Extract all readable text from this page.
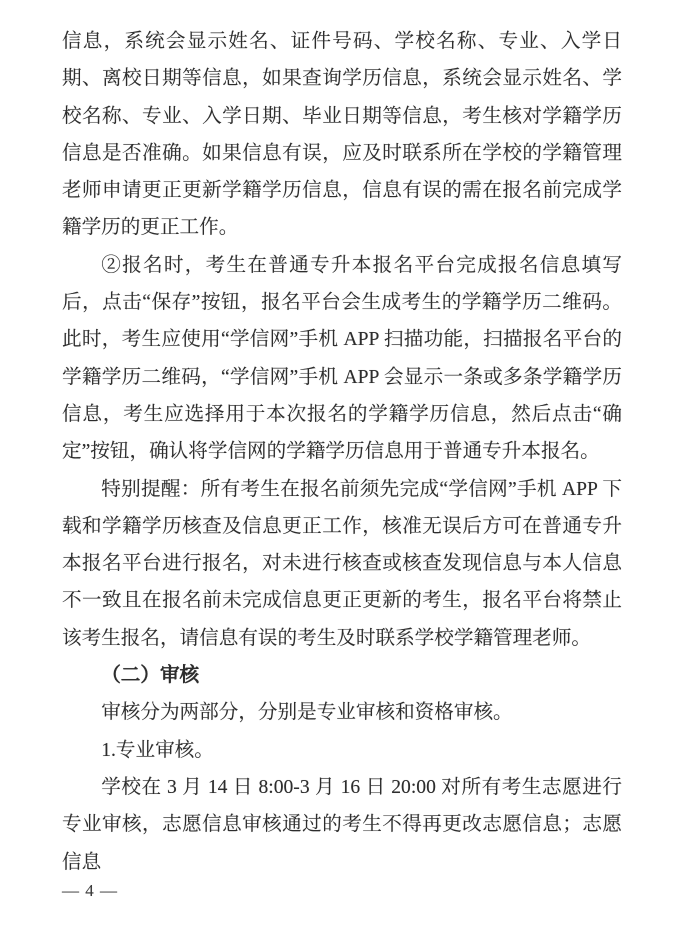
信息，系统会显示姓名、证件号码、学校名称、专业、入学日期、离校日期等信息，如果查询学历信息，系统会显示姓名、学校名称、专业、入学日期、毕业日期等信息，考生核对学籍学历信息是否准确。如果信息有误，应及时联系所在学校的学籍管理老师申请更正更新学籍学历信息，信息有误的需在报名前完成学籍学历的更正工作。

②报名时，考生在普通专升本报名平台完成报名信息填写后，点击“保存”按钮，报名平台会生成考生的学籍学历二维码。此时，考生应使用“学信网”手机 APP 扫描功能，扫描报名平台的学籍学历二维码，“学信网”手机 APP 会显示一条或多条学籍学历信息，考生应选择用于本次报名的学籍学历信息，然后点击“确定”按钮，确认将学信网的学籍学历信息用于普通专升本报名。

特别提醒：所有考生在报名前须先完成“学信网”手机 APP 下载和学籍学历核查及信息更正工作，核准无误后方可在普通专升本报名平台进行报名，对未进行核查或核查发现信息与本人信息不一致且在报名前未完成信息更正更新的考生，报名平台将禁止该考生报名，请信息有误的考生及时联系学校学籍管理老师。

（二）审核

审核分为两部分，分别是专业审核和资格审核。

1.专业审核。

学校在 3 月 14 日 8:00-3 月 16 日 20:00 对所有考生志愿进行专业审核，志愿信息审核通过的考生不得再更改志愿信息；志愿信息

— 4 —
